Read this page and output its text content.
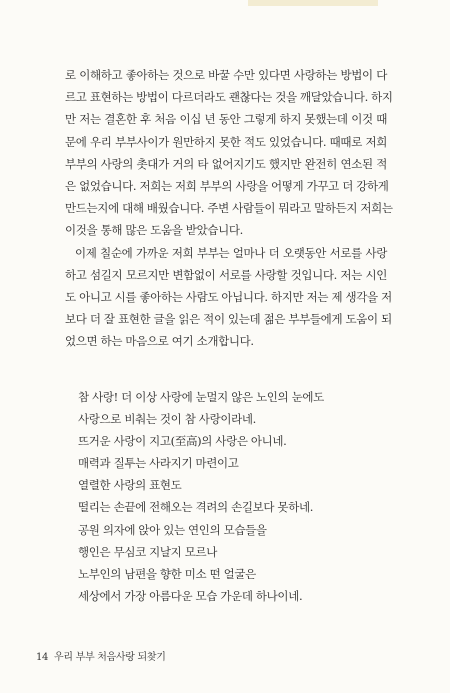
로 이해하고 좋아하는 것으로 바꿀 수만 있다면 사랑하는 방법이 다
르고 표현하는 방법이 다르더라도 괜찮다는 것을 깨달았습니다. 하지
만 저는 결혼한 후 처음 이십 년 동안 그렇게 하지 못했는데 이것 때
문에 우리 부부사이가 원만하지 못한 적도 있었습니다. 때때로 저희
부부의 사랑의 촛대가 거의 타 없어지기도 했지만 완전히 연소된 적
은 없었습니다. 저희는 저희 부부의 사랑을 어떻게 가꾸고 더 강하게
만드는지에 대해 배웠습니다. 주변 사람들이 뭐라고 말하든지 저희는
이것을 통해 많은 도움을 받았습니다.

이제 칠순에 가까운 저희 부부는 얼마나 더 오랫동안 서로를 사랑
하고 섬길지 모르지만 변함없이 서로를 사랑할 것입니다. 저는 시인
도 아니고 시를 좋아하는 사람도 아닙니다. 하지만 저는 제 생각을 저
보다 더 잘 표현한 글을 읽은 적이 있는데 젊은 부부들에게 도움이 되
었으면 하는 마음으로 여기 소개합니다.

참 사랑! 더 이상 사랑에 눈멀지 않은 노인의 눈에도
사랑으로 비춰는 것이 참 사랑이라네.
뜨거운 사랑이 지고(至高)의 사랑은 아니네.
매력과 질투는 사라지기 마련이고
열렬한 사랑의 표현도
떨리는 손끝에 전해오는 격려의 손길보다 못하네.
공원 의자에 앉아 있는 연인의 모습들을
행인은 무심코 지날지 모르나
노부인의 남편을 향한 미소 떤 얼굴은
세상에서 가장 아름다운 모습 가운데 하나이네.
14 우리 부부 처음사랑 되찾기
